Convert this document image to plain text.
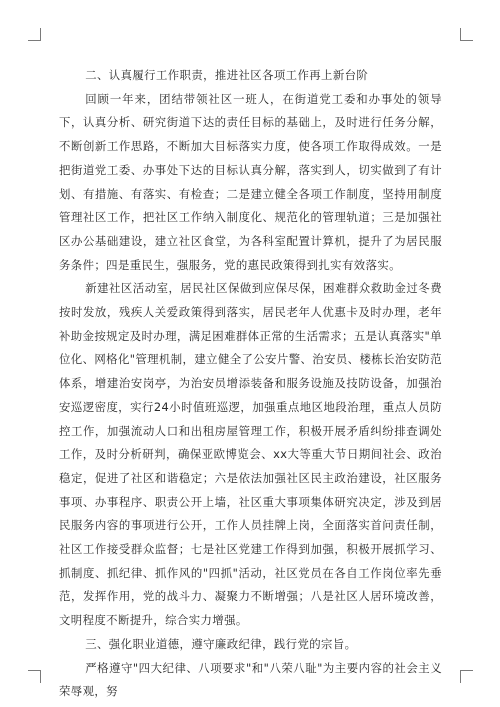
二、认真履行工作职责，推进社区各项工作再上新台阶

回顾一年来，团结带领社区一班人，在街道党工委和办事处的领导下，认真分析、研究街道下达的责任目标的基础上，及时进行任务分解，不断创新工作思路，不断加大目标落实力度，使各项工作取得成效。一是把街道党工委、办事处下达的目标认真分解，落实到人，切实做到了有计划、有措施、有落实、有检查；二是建立健全各项工作制度，坚持用制度管理社区工作，把社区工作纳入制度化、规范化的管理轨道；三是加强社区办公基础建设，建立社区食堂，为各科室配置计算机，提升了为居民服务条件；四是重民生，强服务，党的惠民政策得到扎实有效落实。

新建社区活动室，居民社区保做到应保尽保，困难群众救助金过冬费按时发放，残疾人关爱政策得到落实，居民老年人优惠卡及时办理，老年补助金按规定及时办理，满足困难群体正常的生活需求；五是认真落实"单位化、网格化"管理机制，建立健全了公安片警、治安员、楼栋长治安防范体系，增建治安岗亭，为治安员增添装备和服务设施及技防设备，加强治安巡逻密度，实行24小时值班巡逻，加强重点地区地段治理，重点人员防控工作，加强流动人口和出租房屋管理工作，积极开展矛盾纠纷排查调处工作，及时分析研判，确保亚欧博览会、xx大等重大节日期间社会、政治稳定，促进了社区和谐稳定；六是依法加强社区民主政治建设，社区服务事项、办事程序、职责公开上墙，社区重大事项集体研究决定，涉及到居民服务内容的事项进行公开，工作人员挂牌上岗，全面落实首问责任制，社区工作接受群众监督；七是社区党建工作得到加强，积极开展抓学习、抓制度、抓纪律、抓作风的"四抓"活动，社区党员在各自工作岗位率先垂范，发挥作用，党的战斗力、凝聚力不断增强；八是社区人居环境改善，文明程度不断提升，综合实力增强。

三、强化职业道德，遵守廉政纪律，践行党的宗旨。

严格遵守"四大纪律、八项要求"和"八荣八耻"为主要内容的社会主义荣辱观，努
